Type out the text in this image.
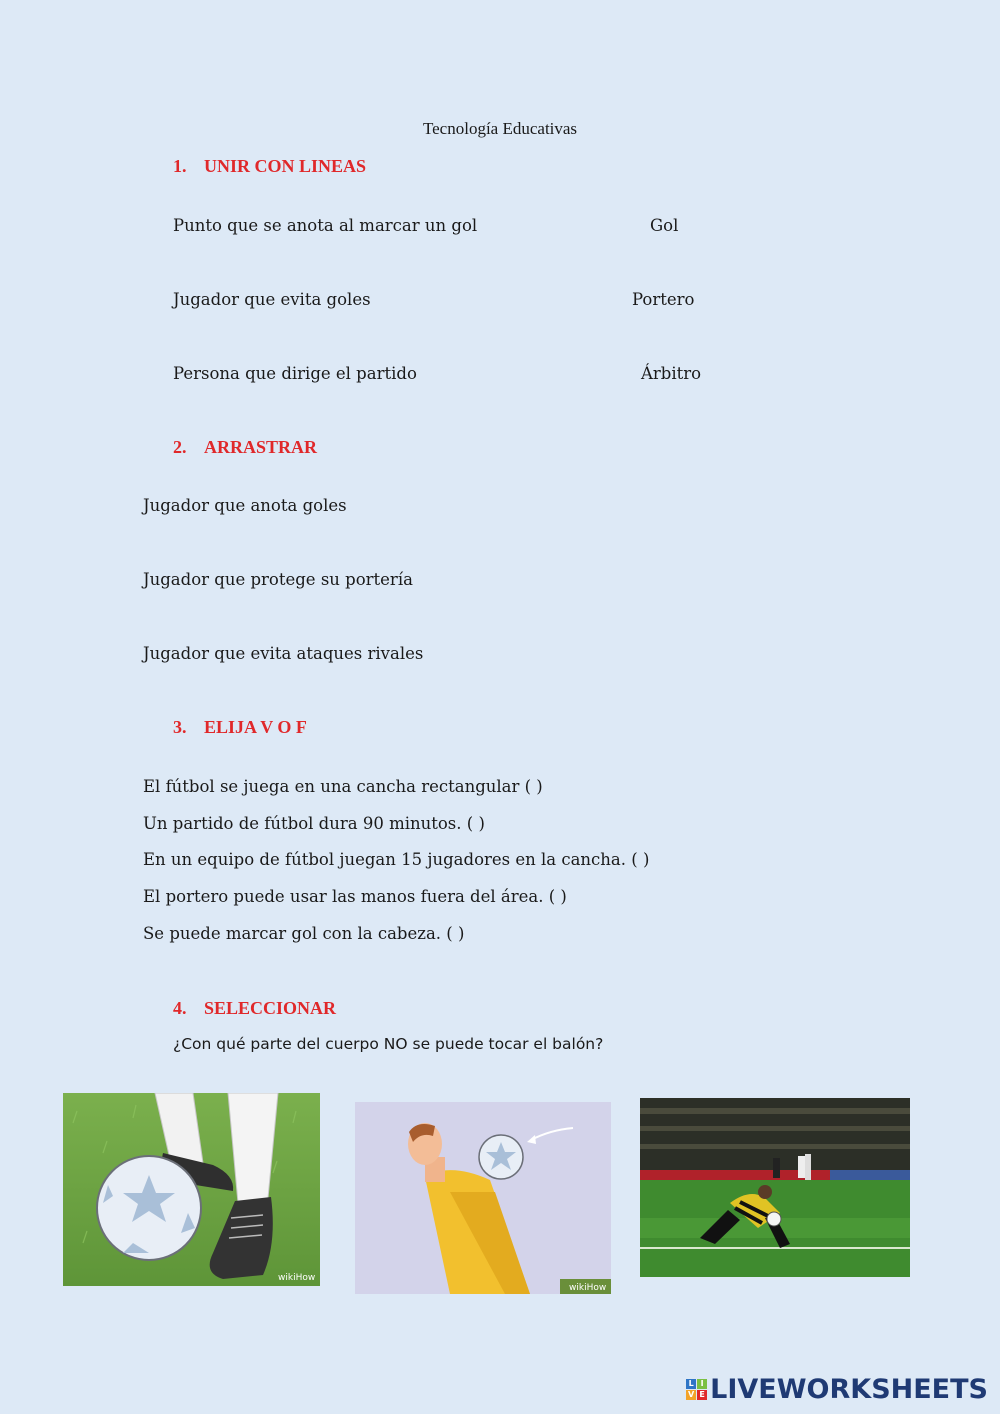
Tecnología Educativas
1. UNIR CON LINEAS
Punto que se anota al marcar un gol
Jugador que evita goles
Persona que dirige el partido
Gol
Portero
Árbitro
2. ARRASTRAR
Jugador que anota goles
Jugador que protege su portería
Jugador que evita ataques rivales
3. ELIJA V O F
El fútbol se juega en una cancha rectangular ( )
Un partido de fútbol dura 90 minutos. ( )
En un equipo de fútbol juegan 15 jugadores en la cancha. ( )
El portero puede usar las manos fuera del área. ( )
Se puede marcar gol con la cabeza. ( )
4. SELECCIONAR
¿Con qué parte del cuerpo NO se puede tocar el balón?
wikiHow
wikiHow
L I
V E LIVEWORKSHEETS
